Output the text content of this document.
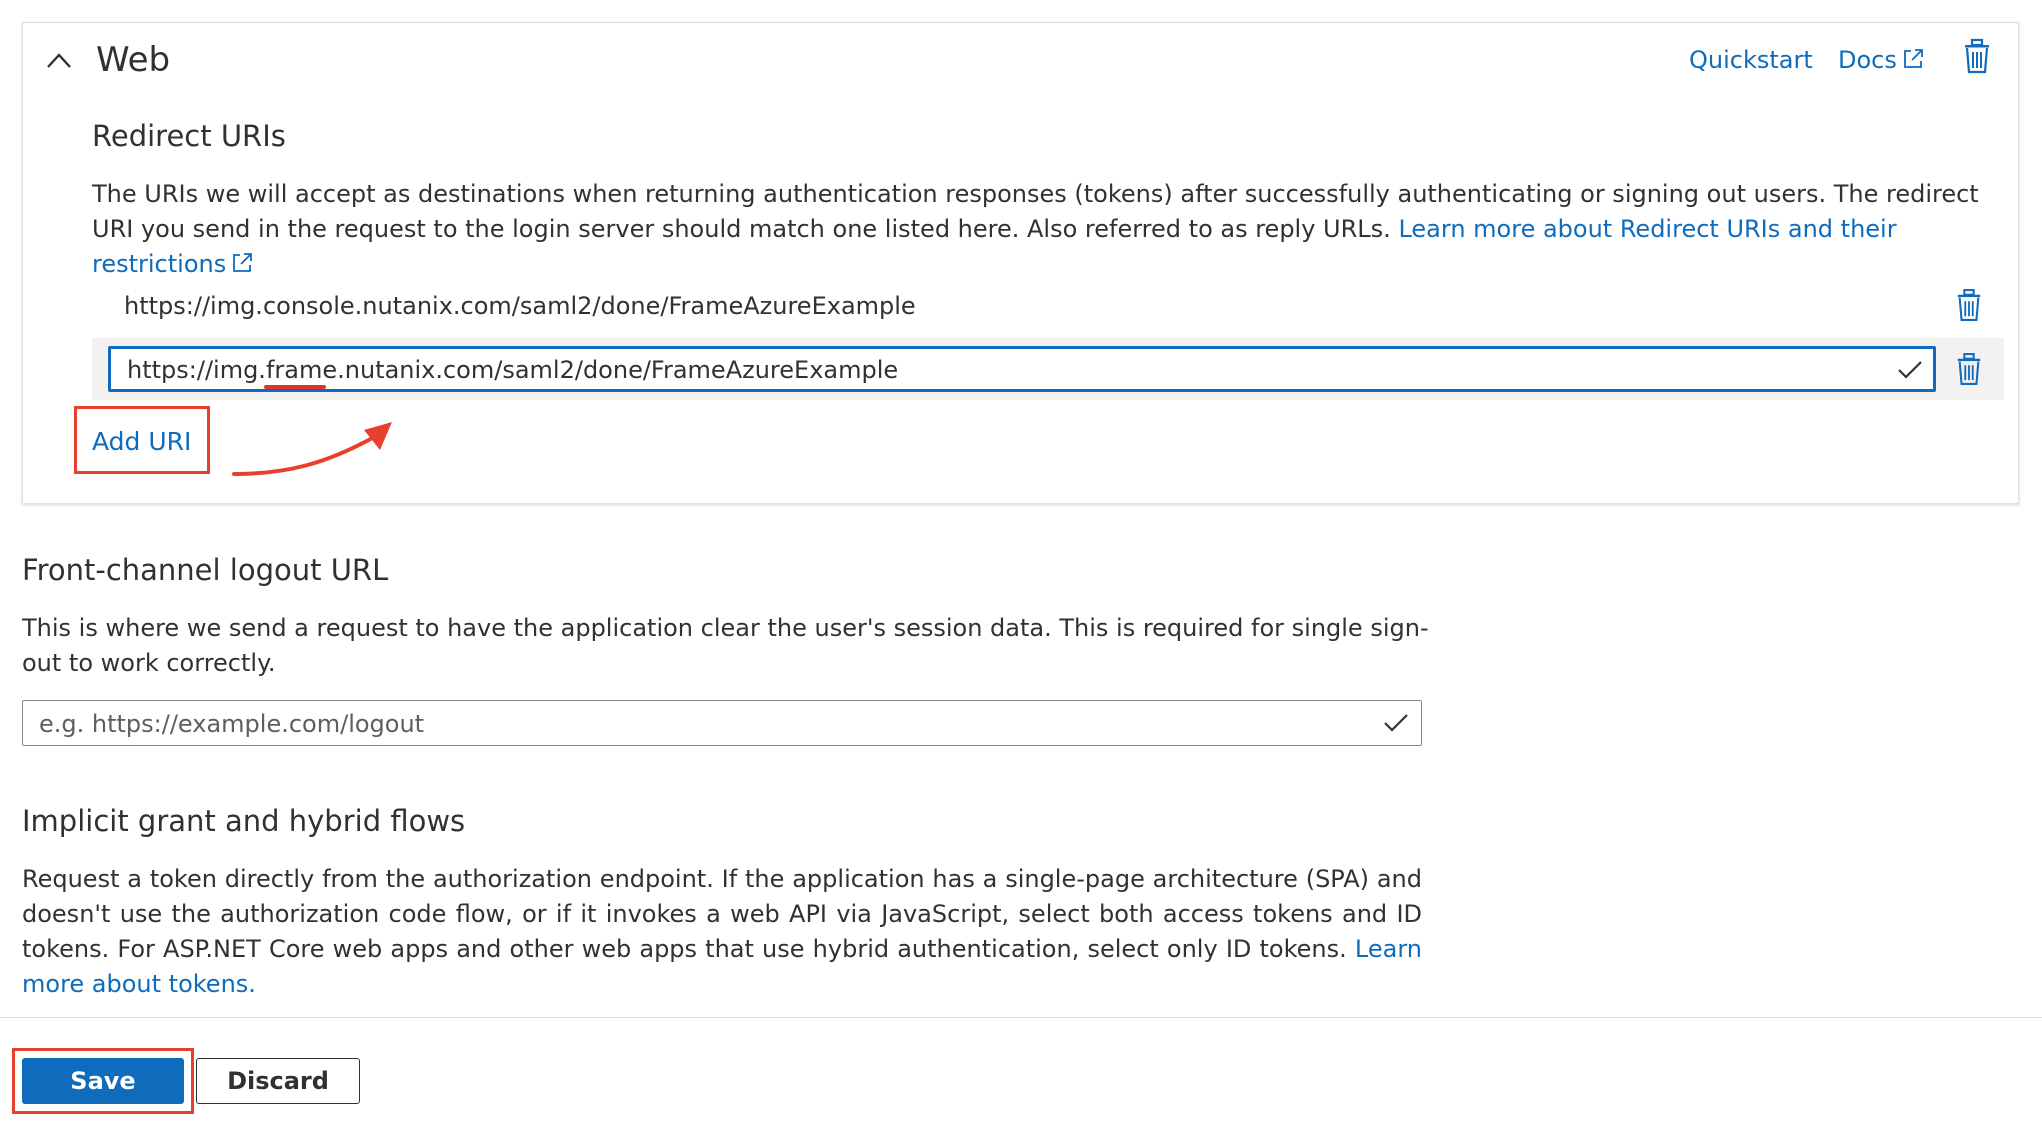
Web	Quickstart Docs
Redirect URIs
The URIs we will accept as destinations when returning authentication responses (tokens) after successfully authenticating or signing out users. The redirect URI you send in the request to the login server should match one listed here. Also referred to as reply URLs. Learn more about Redirect URIs and their restrictions
https://img.console.nutanix.com/saml2/done/FrameAzureExample
https://img.frame.nutanix.com/saml2/done/FrameAzureExample
Add URI
Front-channel logout URL
This is where we send a request to have the application clear the user's session data. This is required for single sign-out to work correctly.
e.g. https://example.com/logout
Implicit grant and hybrid flows
Request a token directly from the authorization endpoint. If the application has a single-page architecture (SPA) and doesn't use the authorization code flow, or if it invokes a web API via JavaScript, select both access tokens and ID tokens. For ASP.NET Core web apps and other web apps that use hybrid authentication, select only ID tokens. Learn more about tokens.
Save	Discard
